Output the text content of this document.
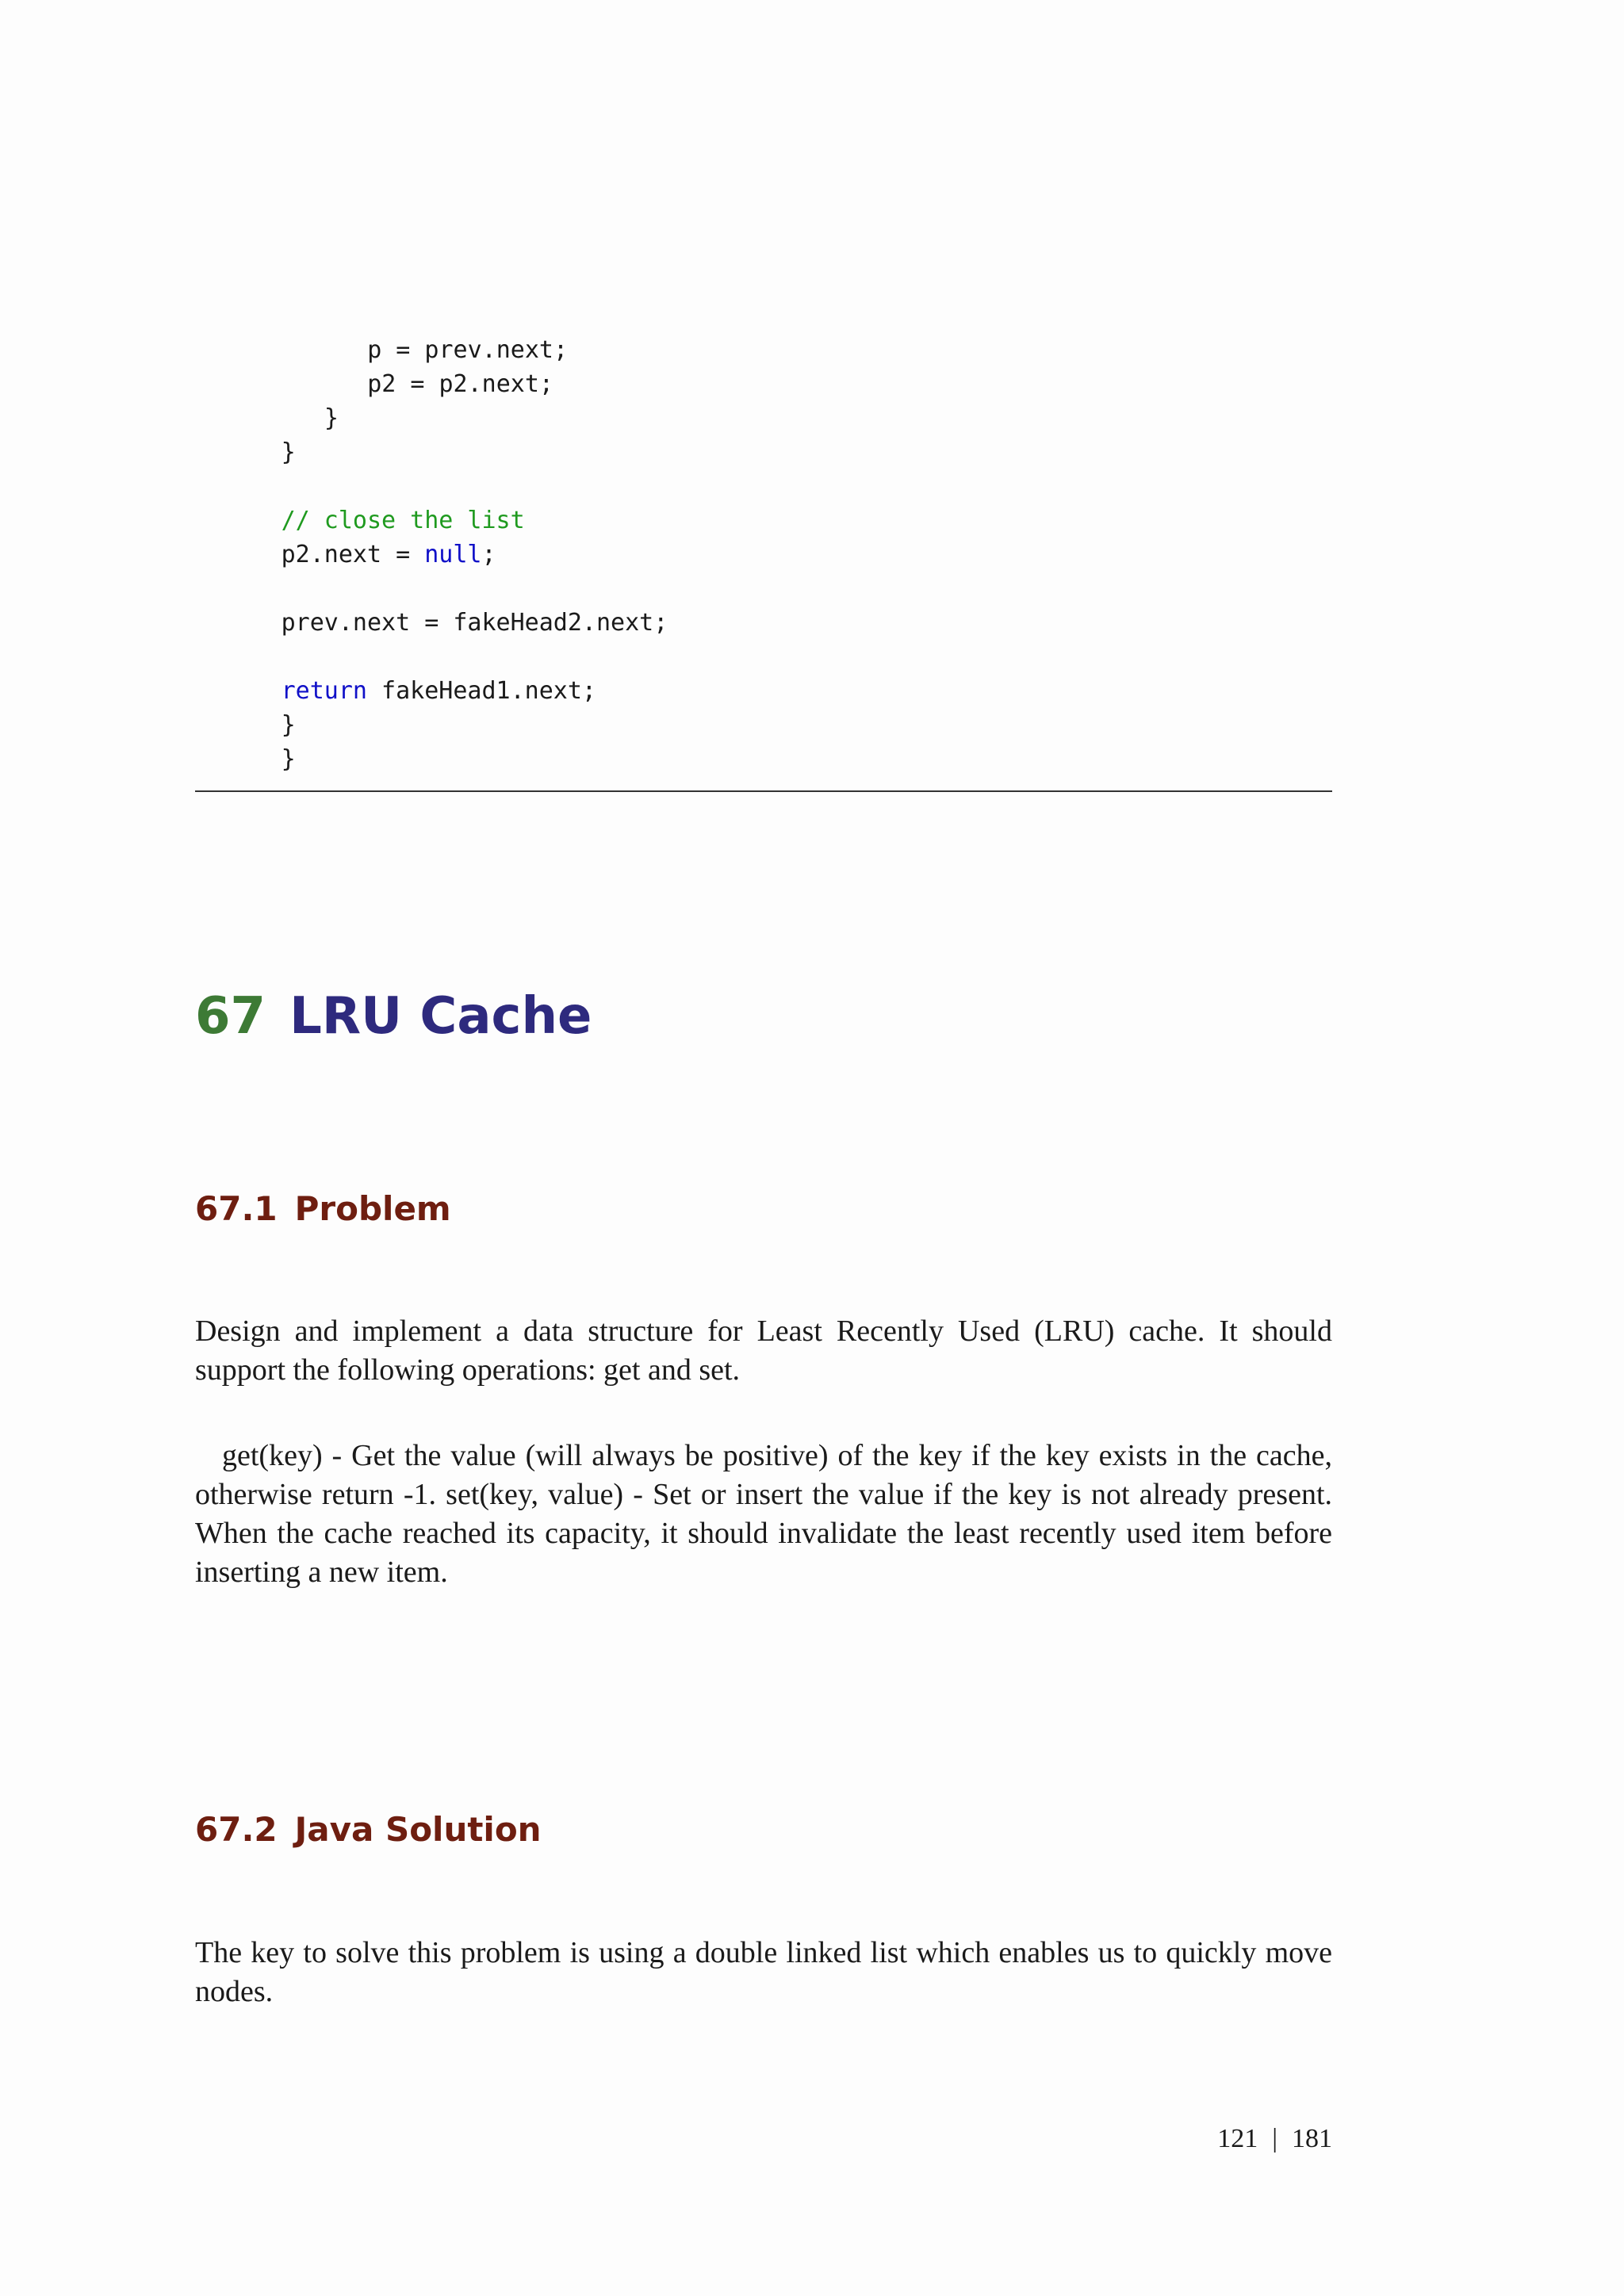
p = prev.next;
p2 = p2.next;
}
}
// close the list
p2.next = null;
prev.next = fakeHead2.next;
return fakeHead1.next;
}
}
67 LRU Cache
67.1 Problem

Design and implement a data structure for Least Recently Used (LRU) cache. It should support the following operations: get and set.

get(key) - Get the value (will always be positive) of the key if the key exists in the cache, otherwise return -1. set(key, value) - Set or insert the value if the key is not already present. When the cache reached its capacity, it should invalidate the least recently used item before inserting a new item.

67.2 Java Solution

The key to solve this problem is using a double linked list which enables us to quickly move nodes.

121 | 181
